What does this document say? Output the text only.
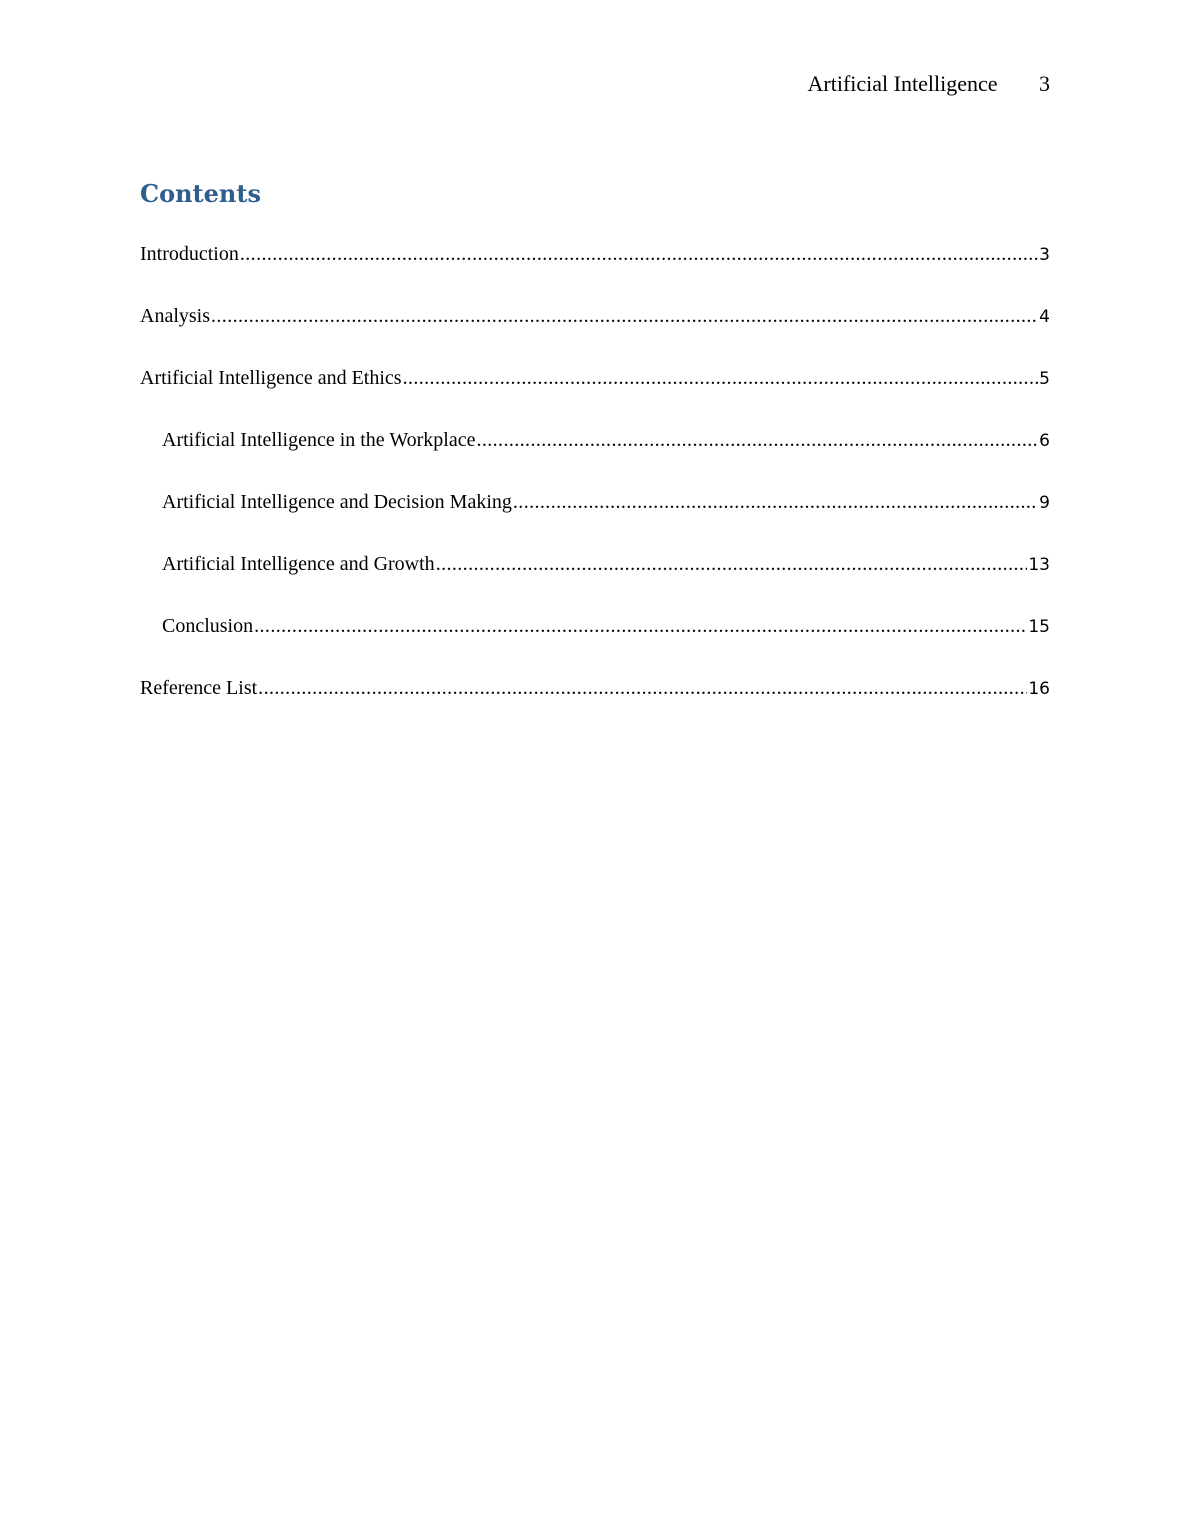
Artificial Intelligence 3
Contents
Introduction .....	3
Analysis .....	4
Artificial Intelligence and Ethics .....	5
Artificial Intelligence in the Workplace .....	6
Artificial Intelligence and Decision Making .....	9
Artificial Intelligence and Growth .....	13
Conclusion .....	15
Reference List .....	16
